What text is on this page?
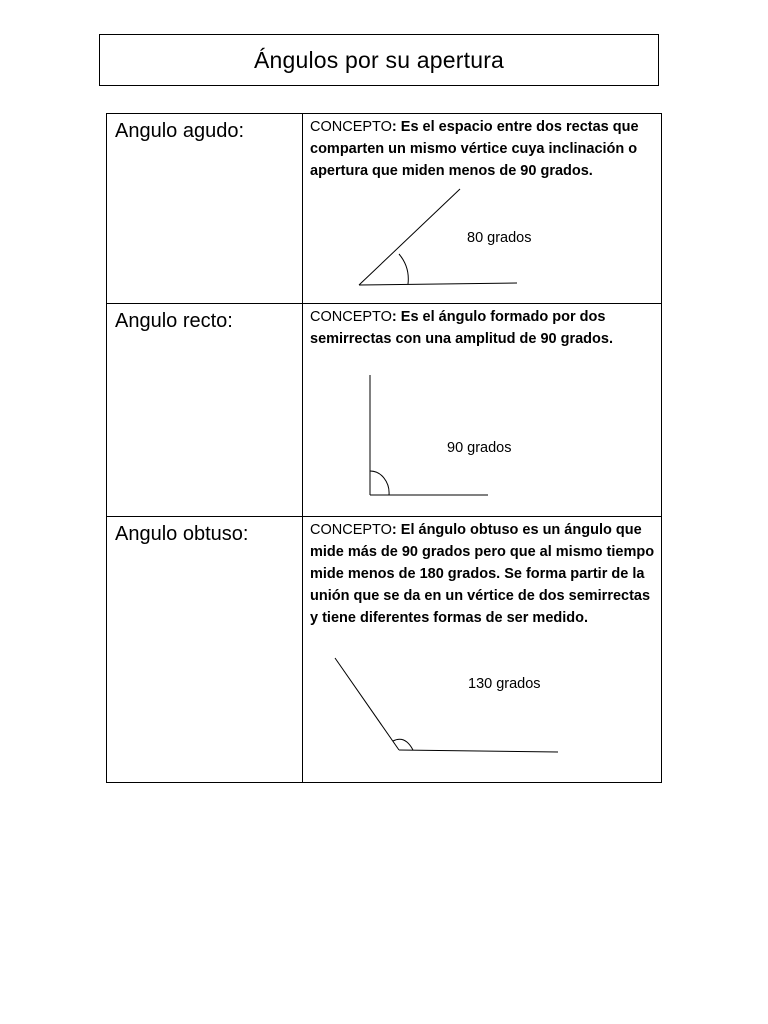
Ángulos por su apertura
Angulo agudo:	CONCEPTO: Es el espacio entre dos rectas que comparten un mismo vértice cuya inclinación o apertura que miden menos de 90 grados.

80 grados

Angulo recto:	CONCEPTO: Es el ángulo formado por dos semirrectas con una amplitud de 90 grados.

90 grados

Angulo obtuso:	CONCEPTO: El ángulo obtuso es un ángulo que mide más de 90 grados pero que al mismo tiempo mide menos de 180 grados. Se forma partir de la unión que se da en un vértice de dos semirrectas y tiene diferentes formas de ser medido.

130 grados
